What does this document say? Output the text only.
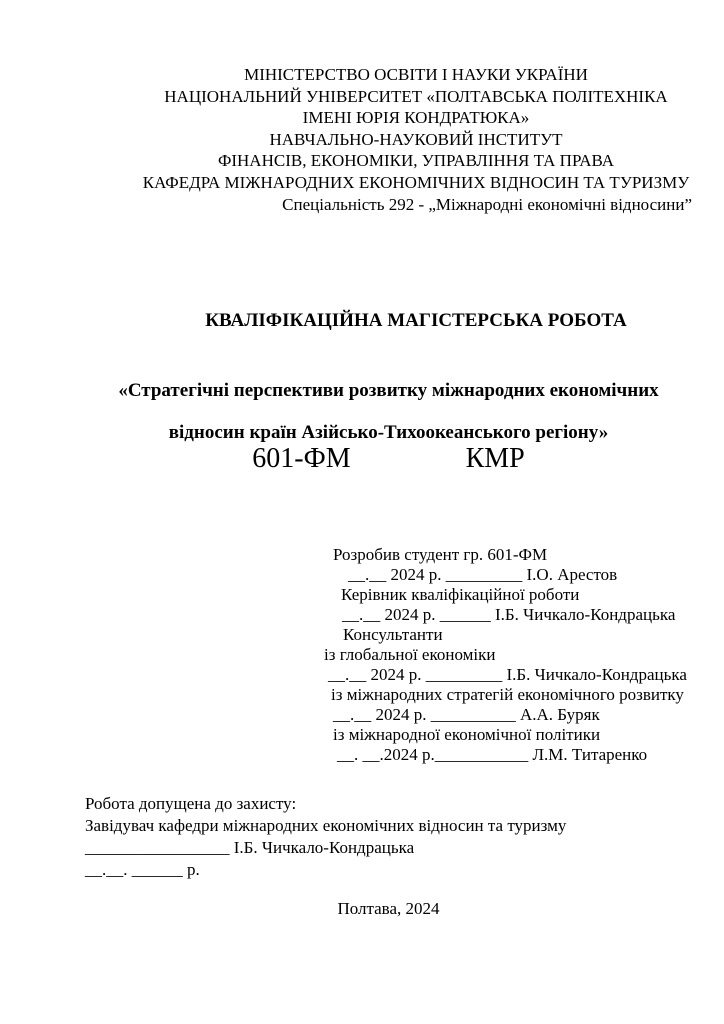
МІНІСТЕРСТВО ОСВІТИ І НАУКИ УКРАЇНИ
НАЦІОНАЛЬНИЙ УНІВЕРСИТЕТ «ПОЛТАВСЬКА ПОЛІТЕХНІКА
ІМЕНІ ЮРІЯ КОНДРАТЮКА»
НАВЧАЛЬНО-НАУКОВИЙ ІНСТИТУТ
ФІНАНСІВ, ЕКОНОМІКИ, УПРАВЛІННЯ ТА ПРАВА
КАФЕДРА МІЖНАРОДНИХ ЕКОНОМІЧНИХ ВІДНОСИН ТА ТУРИЗМУ
Спеціальність 292 - „Міжнародні економічні відносини”
КВАЛІФІКАЦІЙНА МАГІСТЕРСЬКА РОБОТА
«Стратегічні перспективи розвитку міжнародних економічних
відносин країн Азійсько-Тихоокеанського регіону»
601-ФМ	КМР
Розробив студент гр. 601-ФМ
__.__ 2024 р. _________ І.О. Арестов
Керівник кваліфікаційної роботи
__.__ 2024 р. ______ І.Б. Чичкало-Кондрацька
Консультанти
із глобальної економіки
__.__ 2024 р. _________ І.Б. Чичкало-Кондрацька
із міжнародних стратегій економічного розвитку
__.__ 2024 р. __________ А.А. Буряк
із міжнародної економічної політики
__. __.2024 р.___________ Л.М. Титаренко
Робота допущена до захисту:
Завідувач кафедри міжнародних економічних відносин та туризму
_________________ І.Б. Чичкало-Кондрацька
__.__. ______ р.
Полтава, 2024
